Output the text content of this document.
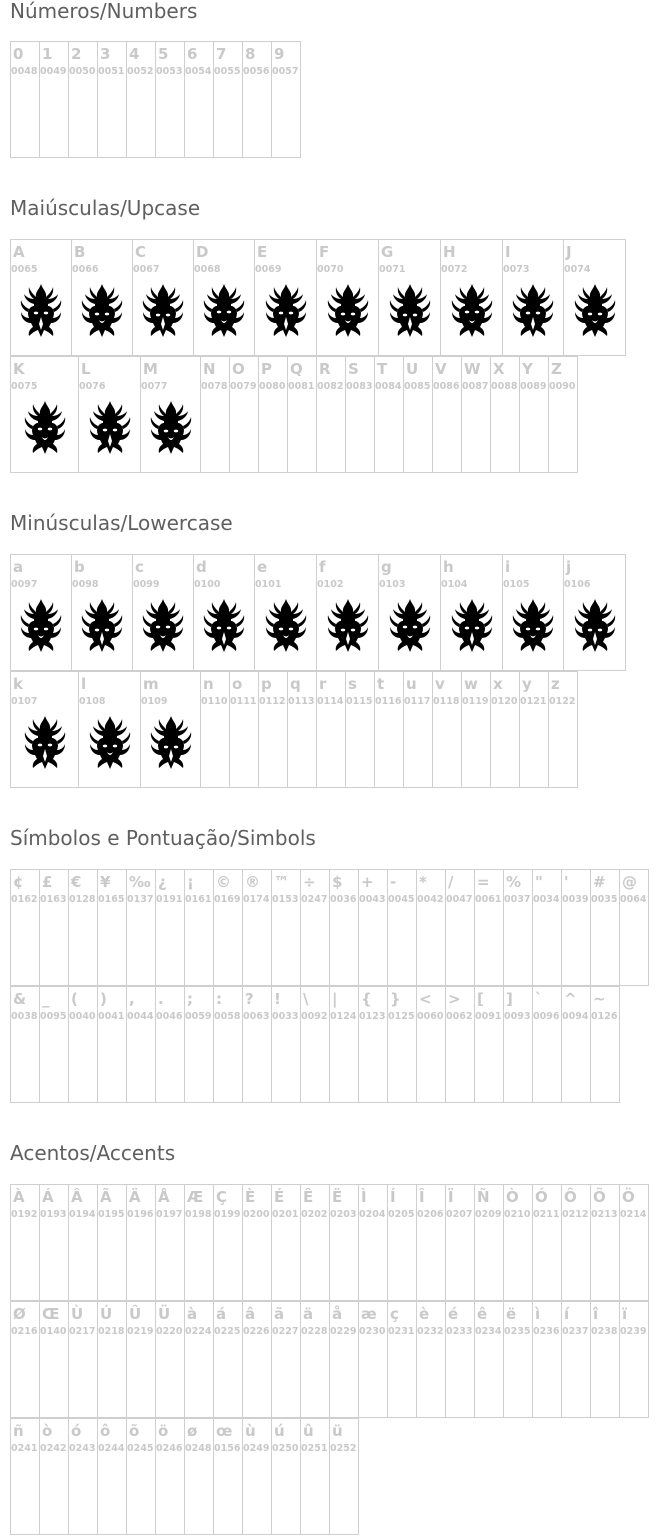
Números/Numbers
Maiúsculas/Upcase
Minúsculas/Lowercase
Símbolos e Pontuação/Simbols
Acentos/Accents
0
0048
1
0049
2
0050
3
0051
4
0052
5
0053
6
0054
7
0055
8
0056
9
0057
A
0065
B
0066
C
0067
D
0068
E
0069
F
0070
G
0071
H
0072
I
0073
J
0074
K
0075
L
0076
M
0077
N
0078
O
0079
P
0080
Q
0081
R
0082
S
0083
T
0084
U
0085
V
0086
W
0087
X
0088
Y
0089
Z
0090
a
0097
b
0098
c
0099
d
0100
e
0101
f
0102
g
0103
h
0104
i
0105
j
0106
k
0107
l
0108
m
0109
n
0110
o
0111
p
0112
q
0113
r
0114
s
0115
t
0116
u
0117
v
0118
w
0119
x
0120
y
0121
z
0122
¢
0162
£
0163
€
0128
¥
0165
‰
0137
¿
0191
¡
0161
©
0169
®
0174
™
0153
÷
0247
$
0036
+
0043
-
0045
*
0042
/
0047
=
0061
%
0037
"
0034
'
0039
#
0035
@
0064
&
0038
_
0095
(
0040
)
0041
,
0044
.
0046
;
0059
:
0058
?
0063
!
0033
\
0092
|
0124
{
0123
}
0125
<
0060
>
0062
[
0091
]
0093
`
0096
^
0094
~
0126
À
0192
Á
0193
Â
0194
Ã
0195
Ä
0196
Å
0197
Æ
0198
Ç
0199
È
0200
É
0201
Ê
0202
Ë
0203
Ì
0204
Í
0205
Î
0206
Ï
0207
Ñ
0209
Ò
0210
Ó
0211
Ô
0212
Õ
0213
Ö
0214
Ø
0216
Œ
0140
Ù
0217
Ú
0218
Û
0219
Ü
0220
à
0224
á
0225
â
0226
ã
0227
ä
0228
å
0229
æ
0230
ç
0231
è
0232
é
0233
ê
0234
ë
0235
ì
0236
í
0237
î
0238
ï
0239
ñ
0241
ò
0242
ó
0243
ô
0244
õ
0245
ö
0246
ø
0248
œ
0156
ù
0249
ú
0250
û
0251
ü
0252
